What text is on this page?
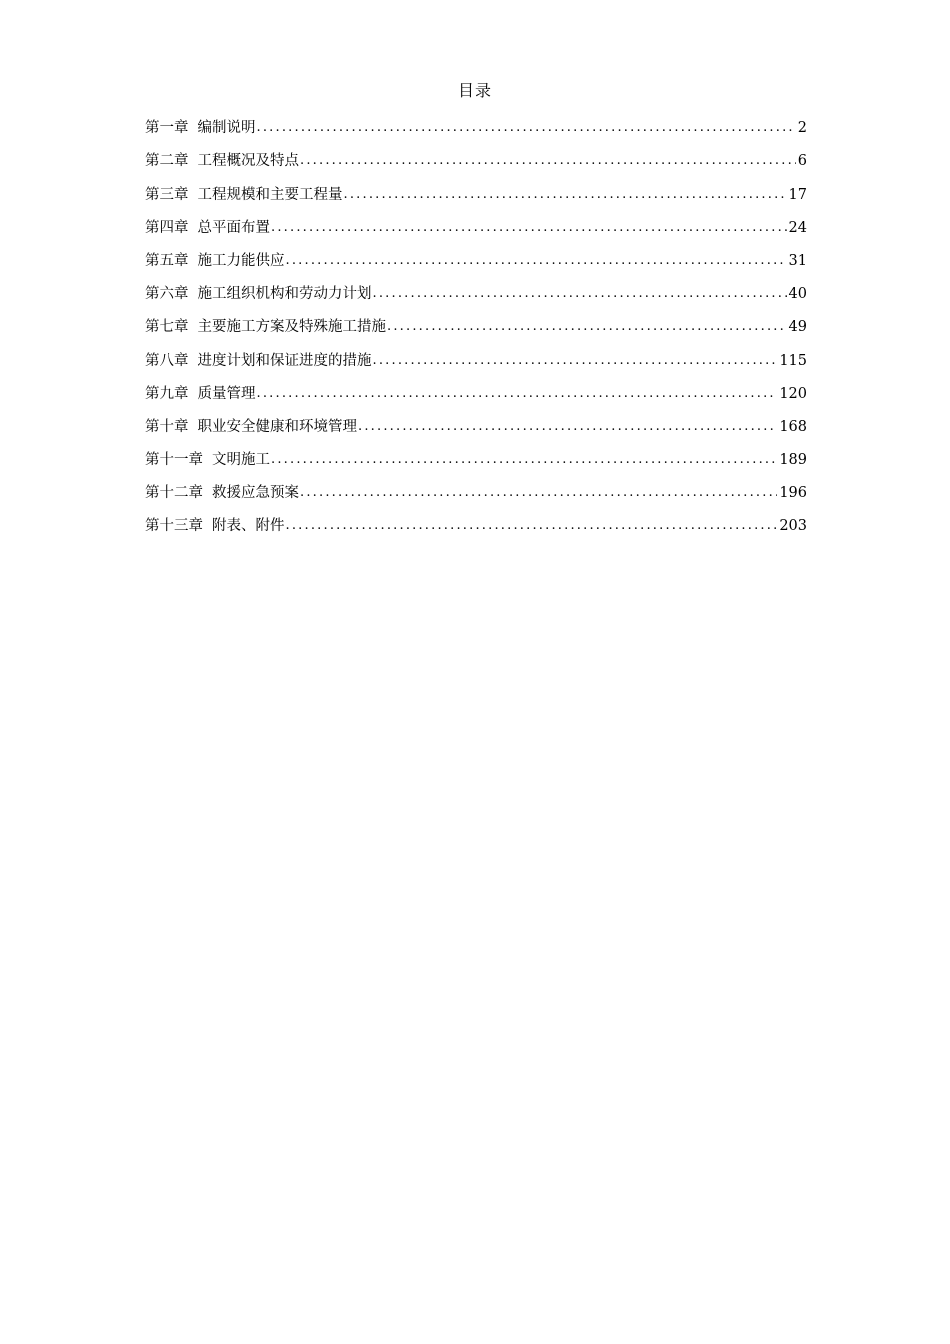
目录
第一章 编制说明 .....	2
第二章 工程概况及特点 .....	6
第三章 工程规模和主要工程量 .....	17
第四章 总平面布置 .....	24
第五章 施工力能供应 .....	31
第六章 施工组织机构和劳动力计划 .....	40
第七章 主要施工方案及特殊施工措施 .....	49
第八章 进度计划和保证进度的措施 .....	115
第九章 质量管理 .....	120
第十章 职业安全健康和环境管理 .....	168
第十一章 文明施工 .....	189
第十二章 救援应急预案 .....	196
第十三章 附表、附件 .....	203
